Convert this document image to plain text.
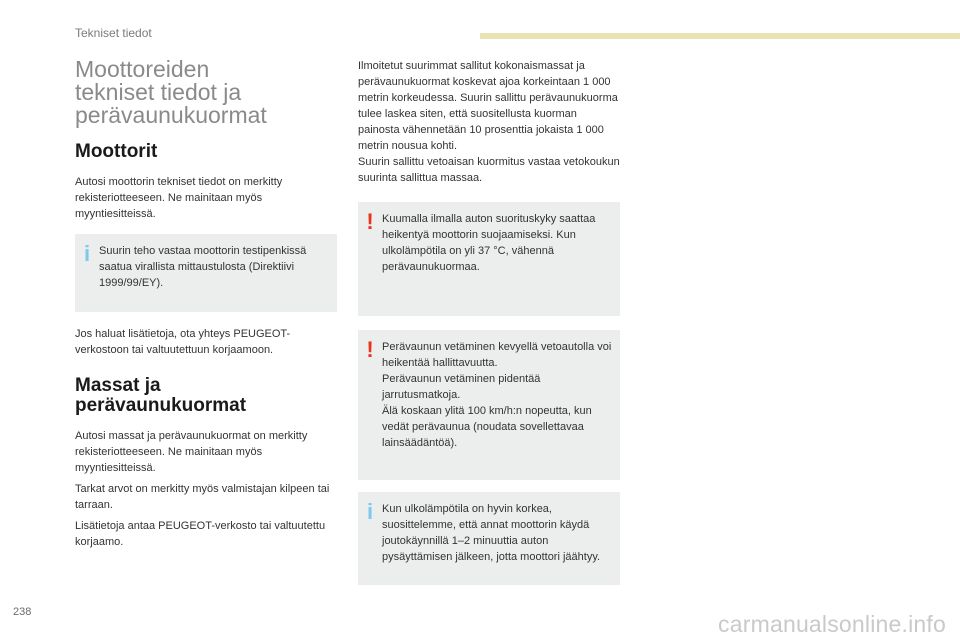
Tekniset tiedot
Moottoreiden
tekniset tiedot ja
perävaunukuormat
Moottorit

Autosi moottorin tekniset tiedot on merkitty rekisteriotteeseen. Ne mainitaan myös myyntiesitteissä.

i Suurin teho vastaa moottorin testipenkissä saatua virallista mittaustulosta (Direktiivi 1999/99/EY).

Jos haluat lisätietoja, ota yhteys PEUGEOT-verkostoon tai valtuutettuun korjaamoon.

Massat ja
perävaunukuormat

Autosi massat ja perävaunukuormat on merkitty rekisteriotteeseen. Ne mainitaan myös myyntiesitteissä.

Tarkat arvot on merkitty myös valmistajan kilpeen tai tarraan.

Lisätietoja antaa PEUGEOT-verkosto tai valtuutettu korjaamo.

Ilmoitetut suurimmat sallitut kokonaismassat ja perävaunukuormat koskevat ajoa korkeintaan 1 000 metrin korkeudessa. Suurin sallittu perävaunukuorma tulee laskea siten, että suositellusta kuorman painosta vähennetään 10 prosenttia jokaista 1 000 metrin nousua kohti.

Suurin sallittu vetoaisan kuormitus vastaa vetokoukun suurinta sallittua massaa.

! Kuumalla ilmalla auton suorituskyky saattaa heikentyä moottorin suojaamiseksi. Kun ulkolämpötila on yli 37 °C, vähennä perävaunukuormaa.
! Perävaunun vetäminen kevyellä vetoautolla voi heikentää hallittavuutta.
Perävaunun vetäminen pidentää jarrutusmatkoja.
Älä koskaan ylitä 100 km/h:n nopeutta, kun vedät perävaunua (noudata sovellettavaa lainsäädäntöä).
i Kun ulkolämpötila on hyvin korkea, suosittelemme, että annat moottorin käydä joutokäynnillä 1–2 minuuttia auton pysäyttämisen jälkeen, jotta moottori jäähtyy.
238	carmanualsonline.info
